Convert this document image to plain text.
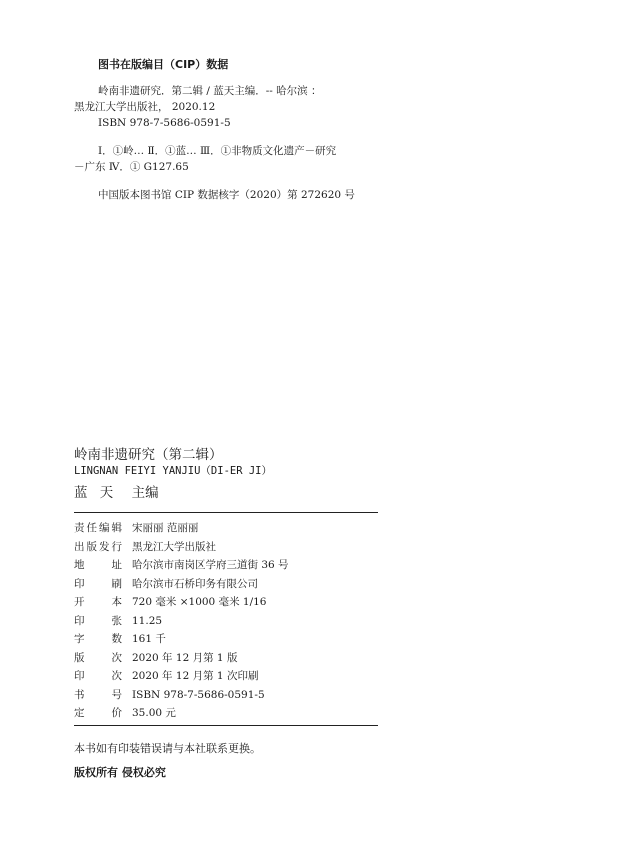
图书在版编目（CIP）数据
岭南非遗研究．第二辑 / 蓝天主编．-- 哈尔滨 ：
黑龙江大学出版社， 2020.12
ISBN 978-7-5686-0591-5
Ⅰ．①岭… Ⅱ．①蓝… Ⅲ．①非物质文化遗产－研究
－广东 Ⅳ．① G127.65
中国版本图书馆 CIP 数据核字（2020）第 272620 号
岭南非遗研究（第二辑）
LINGNAN FEIYI YANJIU（DI-ER JI）
蓝 天 主编
责 任 编 辑 宋丽丽 范丽丽
出 版 发 行 黑龙江大学出版社
地	址 哈尔滨市南岗区学府三道街 36 号
印	刷 哈尔滨市石桥印务有限公司
开	本 720 毫米 ×1000 毫米 1/16
印	张 11.25
字	数 161 千
版	次 2020 年 12 月第 1 版
印	次 2020 年 12 月第 1 次印刷
书	号 ISBN 978-7-5686-0591-5
定	价 35.00 元
本书如有印装错误请与本社联系更换。
版权所有 侵权必究
